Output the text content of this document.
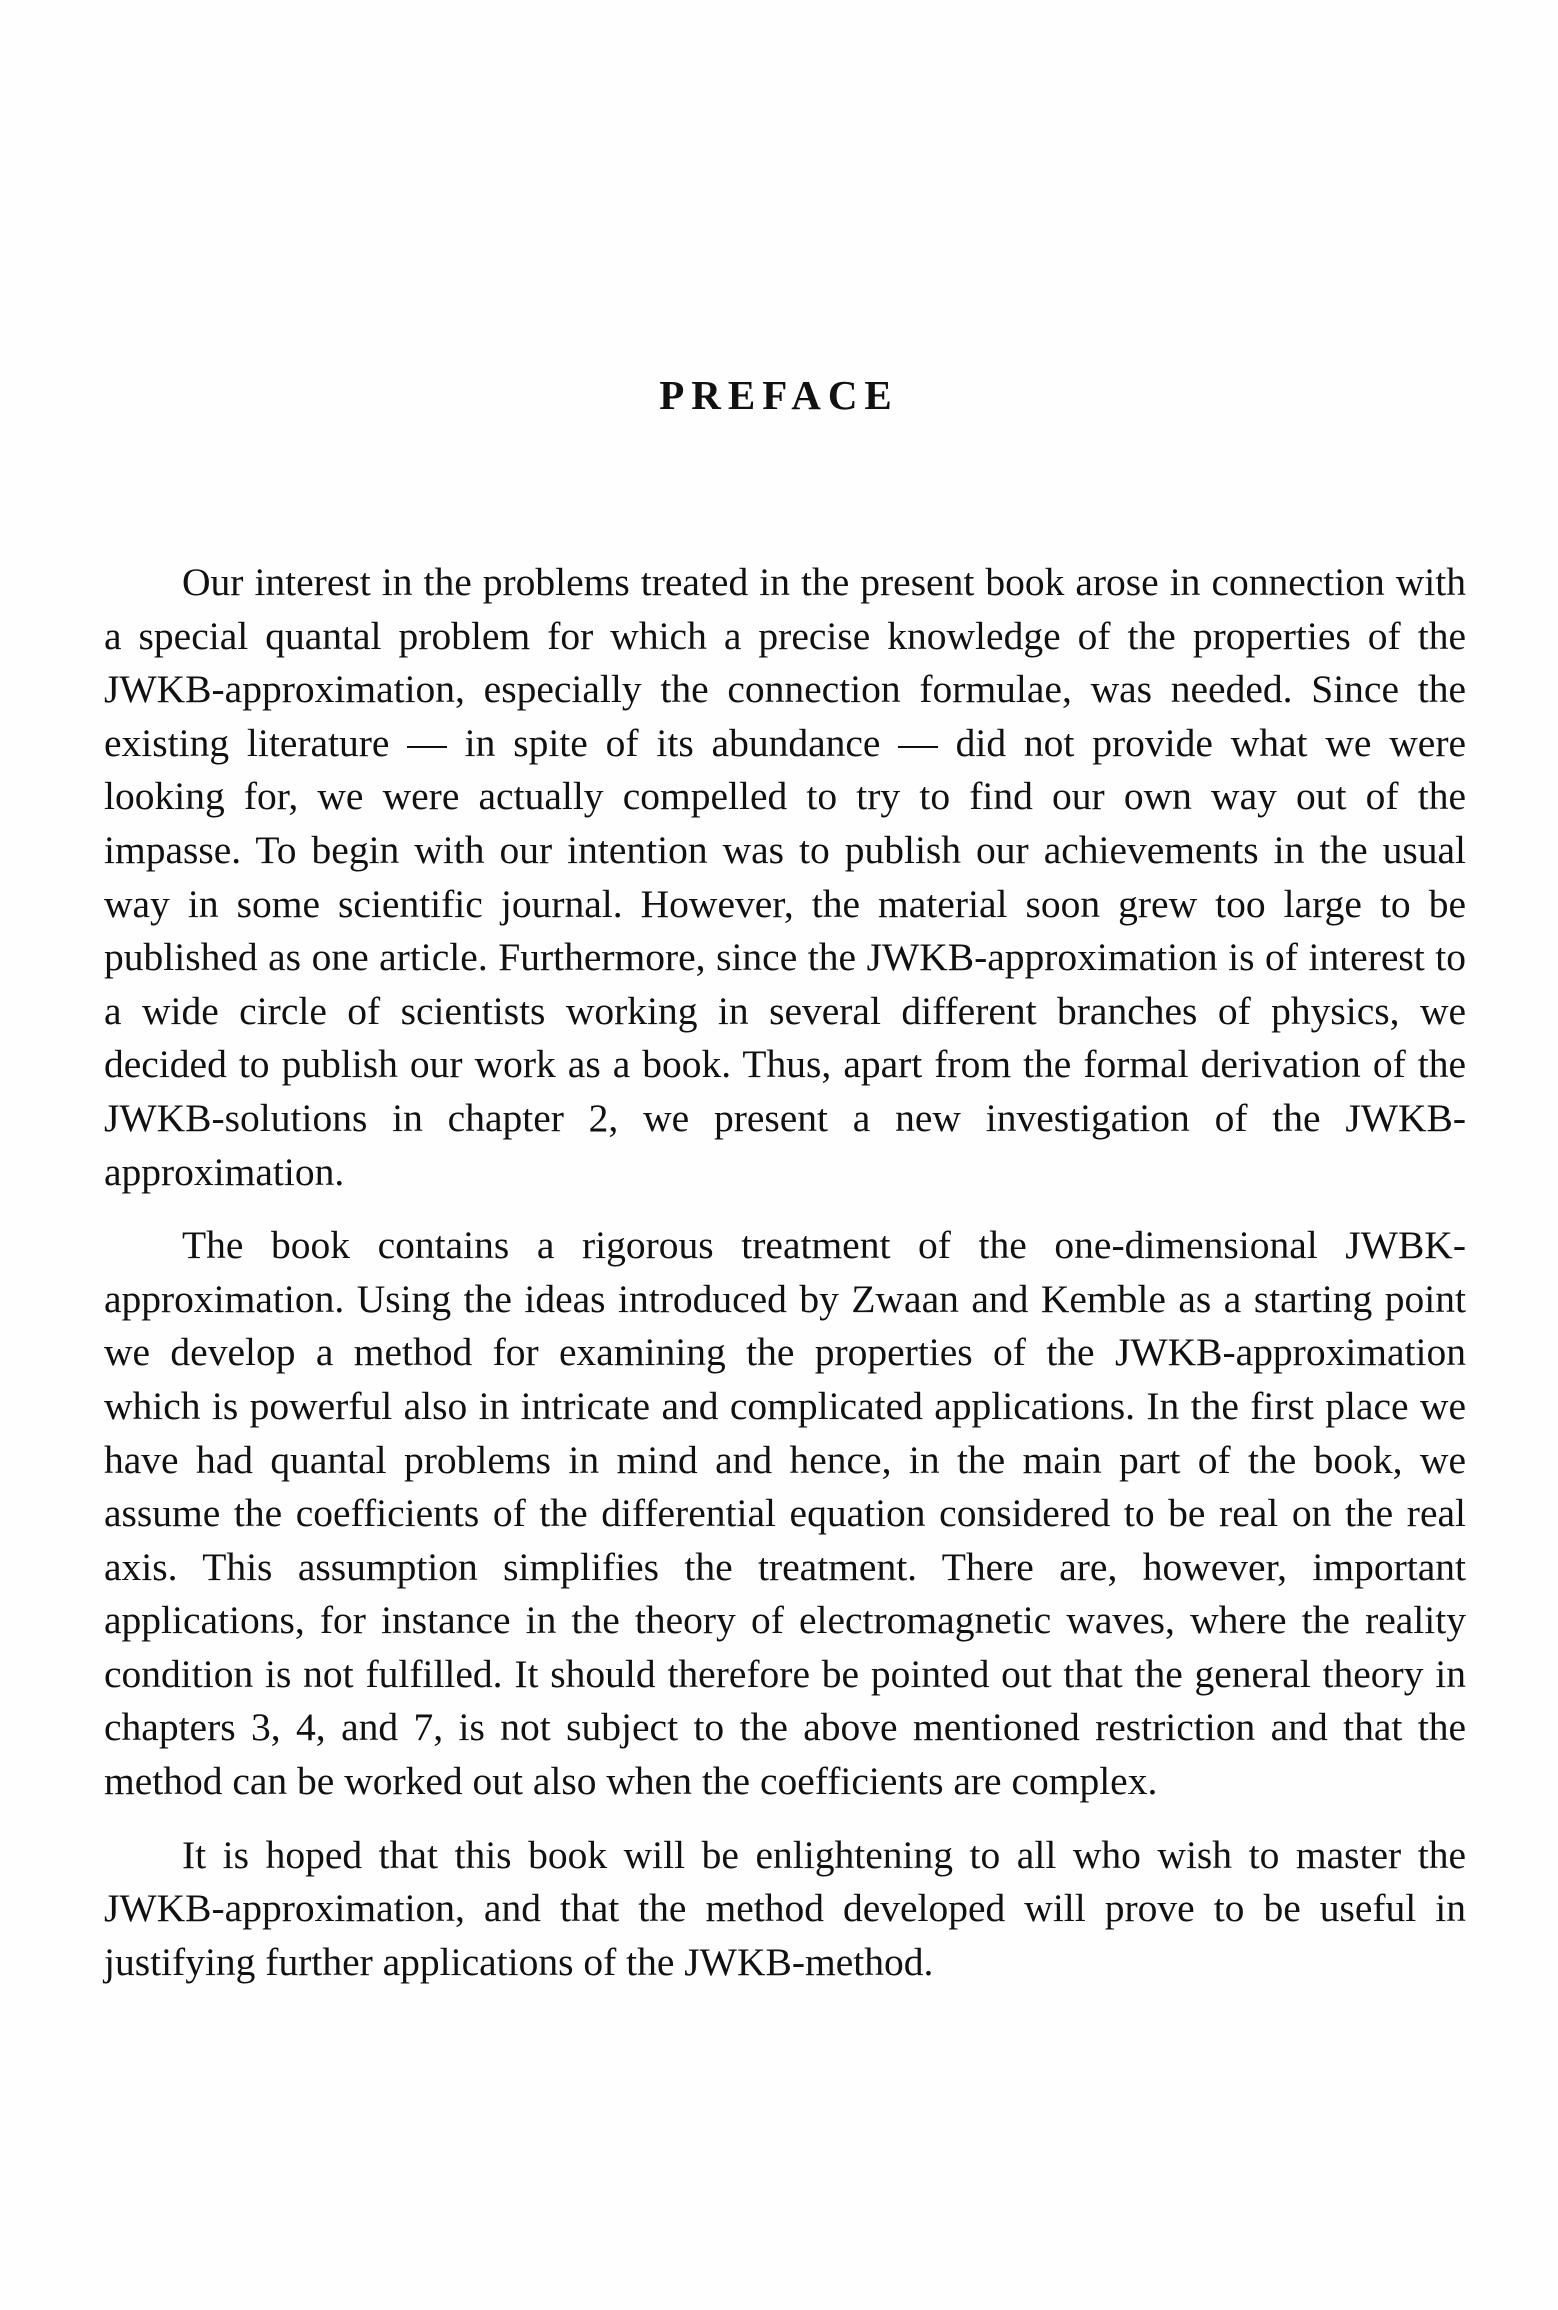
PREFACE

Our interest in the problems treated in the present book arose in connection with a special quantal problem for which a precise knowledge of the properties of the JWKB-approximation, especially the connection formulae, was needed. Since the existing literature — in spite of its abundance — did not provide what we were looking for, we were actually compelled to try to find our own way out of the impasse. To begin with our intention was to publish our achievements in the usual way in some scientific journal. However, the material soon grew too large to be published as one article. Furthermore, since the JWKB-approximation is of interest to a wide circle of scientists working in several different branches of physics, we decided to publish our work as a book. Thus, apart from the formal derivation of the JWKB-solutions in chapter 2, we present a new investigation of the JWKB-approximation.

The book contains a rigorous treatment of the one-dimensional JWBK-approximation. Using the ideas introduced by Zwaan and Kemble as a starting point we develop a method for examining the properties of the JWKB-approximation which is powerful also in intricate and complicated applications. In the first place we have had quantal problems in mind and hence, in the main part of the book, we assume the coefficients of the differential equation considered to be real on the real axis. This assumption simplifies the treatment. There are, however, important applications, for instance in the theory of electromagnetic waves, where the reality condition is not fulfilled. It should therefore be pointed out that the general theory in chapters 3, 4, and 7, is not subject to the above mentioned restriction and that the method can be worked out also when the coefficients are complex.

It is hoped that this book will be enlightening to all who wish to master the JWKB-approximation, and that the method developed will prove to be useful in justifying further applications of the JWKB-method.
